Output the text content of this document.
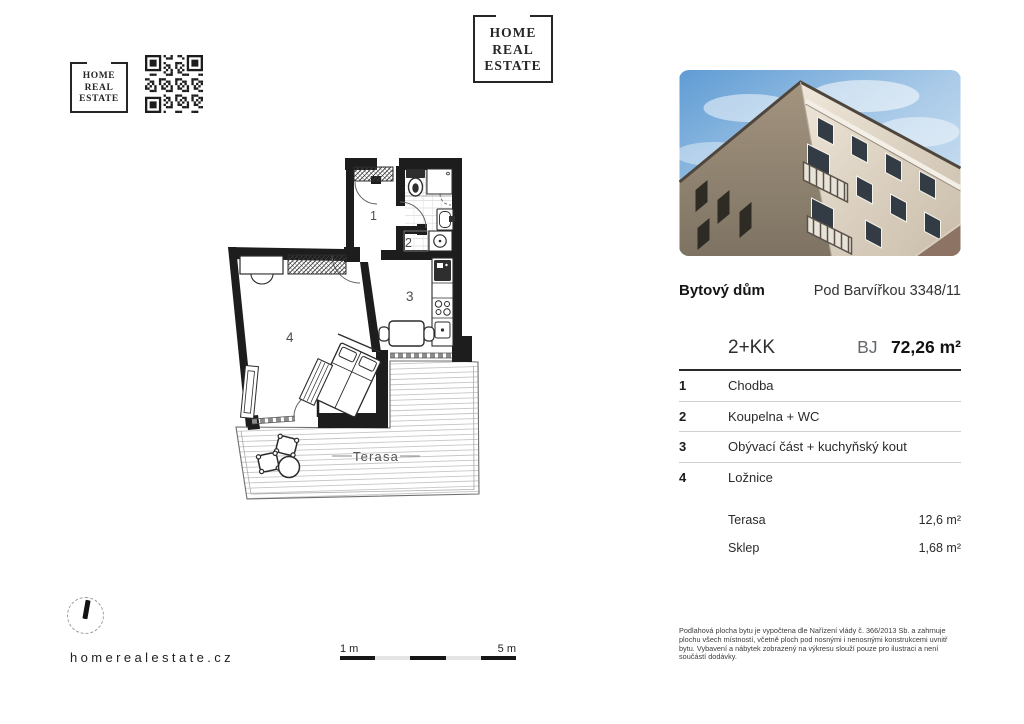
HOME
REAL
ESTATE
HOME
REAL
ESTATE
Bytový dům	Pod Barvířkou 3348/11
2+KK	BJ 72,26 m²
1	Chodba
2	Koupelna + WC
3	Obývací část + kuchyňský kout
4	Ložnice
Terasa	12,6 m²
Sklep	1,68 m²
Podlahová plocha bytu je vypočtena dle Nařízení vlády č. 366/2013 Sb. a zahrnuje plochu všech místností, včetně ploch pod nosnými i nenosnými konstrukcemi uvnitř bytu. Vybavení a nábytek zobrazený na výkresu slouží pouze pro ilustraci a není součástí dodávky.
homerealestate.cz
1 m	5 m
Terasa
1
2
3
4
